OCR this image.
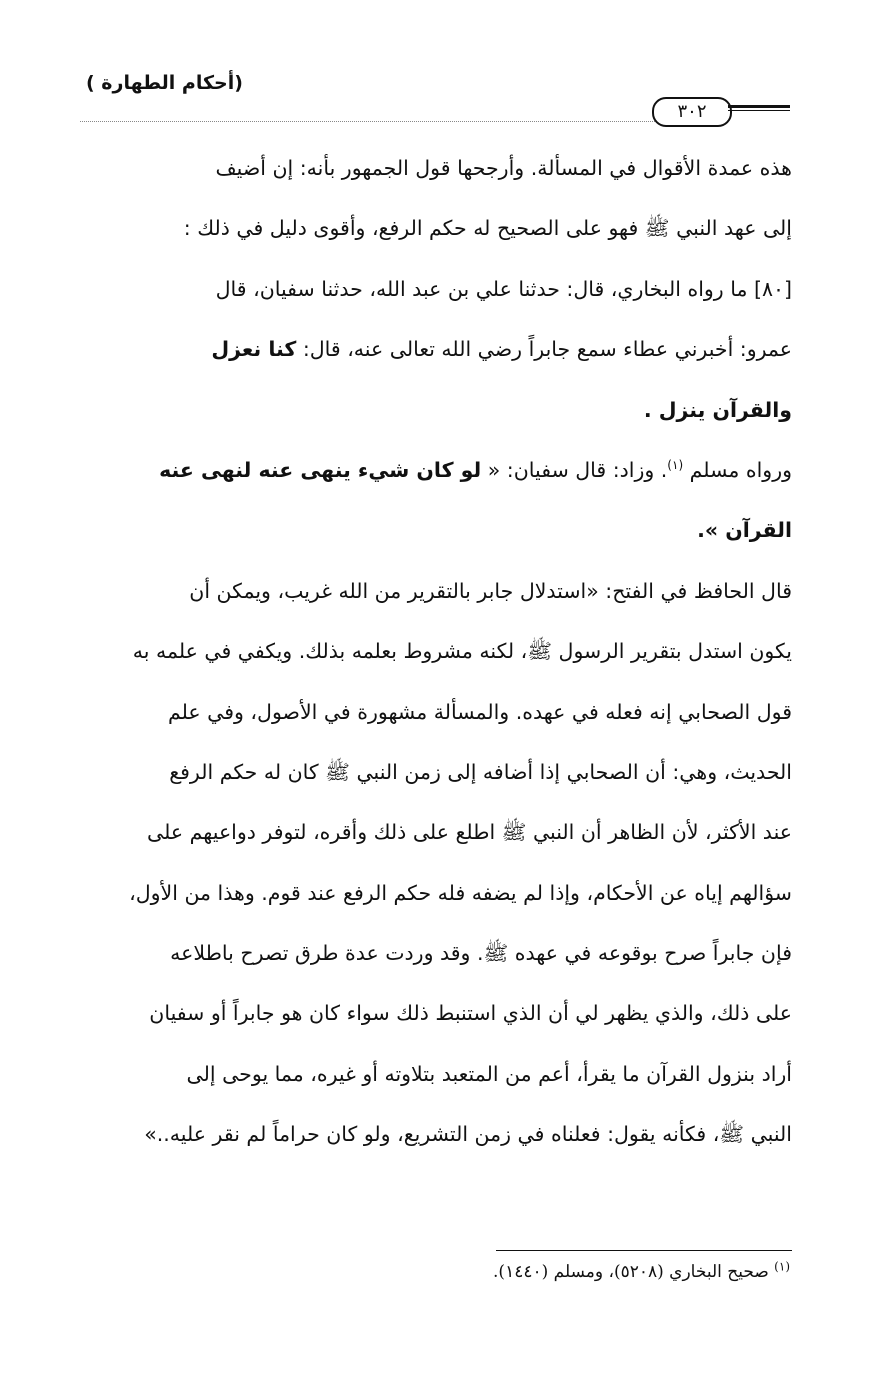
(أحكام الطهارة )
٣٠٢
هذه عمدة الأقوال في المسألة. وأرجحها قول الجمهور بأنه: إن أضيف
إلى عهد النبي ﷺ فهو على الصحيح له حكم الرفع، وأقوى دليل في ذلك :
[٨٠] ما رواه البخاري، قال: حدثنا علي بن عبد الله، حدثنا سفيان، قال
عمرو: أخبرني عطاء سمع جابراً رضي الله تعالى عنه، قال: كنا نعزل
والقرآن ينزل .
ورواه مسلم $^{(١)}$. وزاد: قال سفيان: « لو كان شيء ينهى عنه لنهى عنه
القرآن ».
قال الحافظ في الفتح: «استدلال جابر بالتقرير من الله غريب، ويمكن أن
يكون استدل بتقرير الرسول ﷺ، لكنه مشروط بعلمه بذلك. ويكفي في علمه به
قول الصحابي إنه فعله في عهده. والمسألة مشهورة في الأصول، وفي علم
الحديث، وهي: أن الصحابي إذا أضافه إلى زمن النبي ﷺ كان له حكم الرفع
عند الأكثر، لأن الظاهر أن النبي ﷺ اطلع على ذلك وأقره، لتوفر دواعيهم على
سؤالهم إياه عن الأحكام، وإذا لم يضفه فله حكم الرفع عند قوم. وهذا من الأول،
فإن جابراً صرح بوقوعه في عهده ﷺ. وقد وردت عدة طرق تصرح باطلاعه
على ذلك، والذي يظهر لي أن الذي استنبط ذلك سواء كان هو جابراً أو سفيان
أراد بنزول القرآن ما يقرأ، أعم من المتعبد بتلاوته أو غيره، مما يوحى إلى
النبي ﷺ، فكأنه يقول: فعلناه في زمن التشريع، ولو كان حراماً لم نقر عليه..»
$^{(١)}$ صحيح البخاري (٥٢٠٨)، ومسلم (١٤٤٠).
